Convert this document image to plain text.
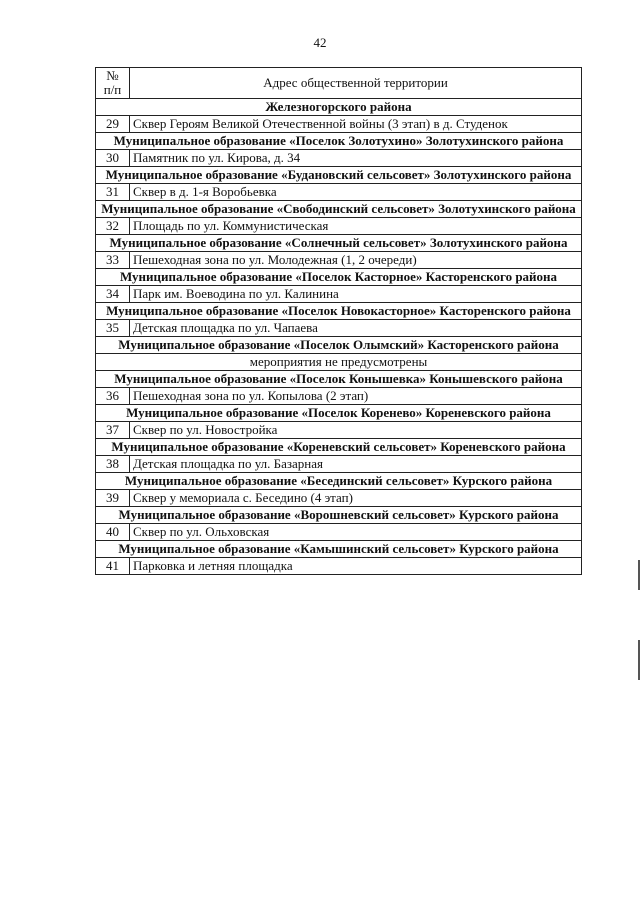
42
№
п/п	Адрес общественной территории
Железногорского района	
29	Сквер Героям Великой Отечественной войны (3 этап) в д. Студенок
Муниципальное образование «Поселок Золотухино» Золотухинского района	
30	Памятник по ул. Кирова, д. 34
Муниципальное образование «Будановский сельсовет» Золотухинского района	
31	Сквер в д. 1-я Воробьевка
Муниципальное образование «Свободинский сельсовет» Золотухинского района	
32	Площадь по ул. Коммунистическая
Муниципальное образование «Солнечный сельсовет» Золотухинского района	
33	Пешеходная зона по ул. Молодежная (1, 2 очереди)
Муниципальное образование «Поселок Касторное» Касторенского района	
34	Парк им. Воеводина по ул. Калинина
Муниципальное образование «Поселок Новокасторное» Касторенского района	
35	Детская площадка по ул. Чапаева
Муниципальное образование «Поселок Олымский» Касторенского района	
мероприятия не предусмотрены	
Муниципальное образование «Поселок Конышевка» Конышевского района	
36	Пешеходная зона по ул. Копылова (2 этап)
Муниципальное образование «Поселок Коренево» Кореневского района	
37	Сквер по ул. Новостройка
Муниципальное образование «Кореневский сельсовет» Кореневского района	
38	Детская площадка по ул. Базарная
Муниципальное образование «Бесединский сельсовет» Курского района	
39	Сквер у мемориала с. Беседино (4 этап)
Муниципальное образование «Ворошневский сельсовет» Курского района	
40	Сквер по ул. Ольховская
Муниципальное образование «Камышинский сельсовет» Курского района	
41	Парковка и летняя площадка
